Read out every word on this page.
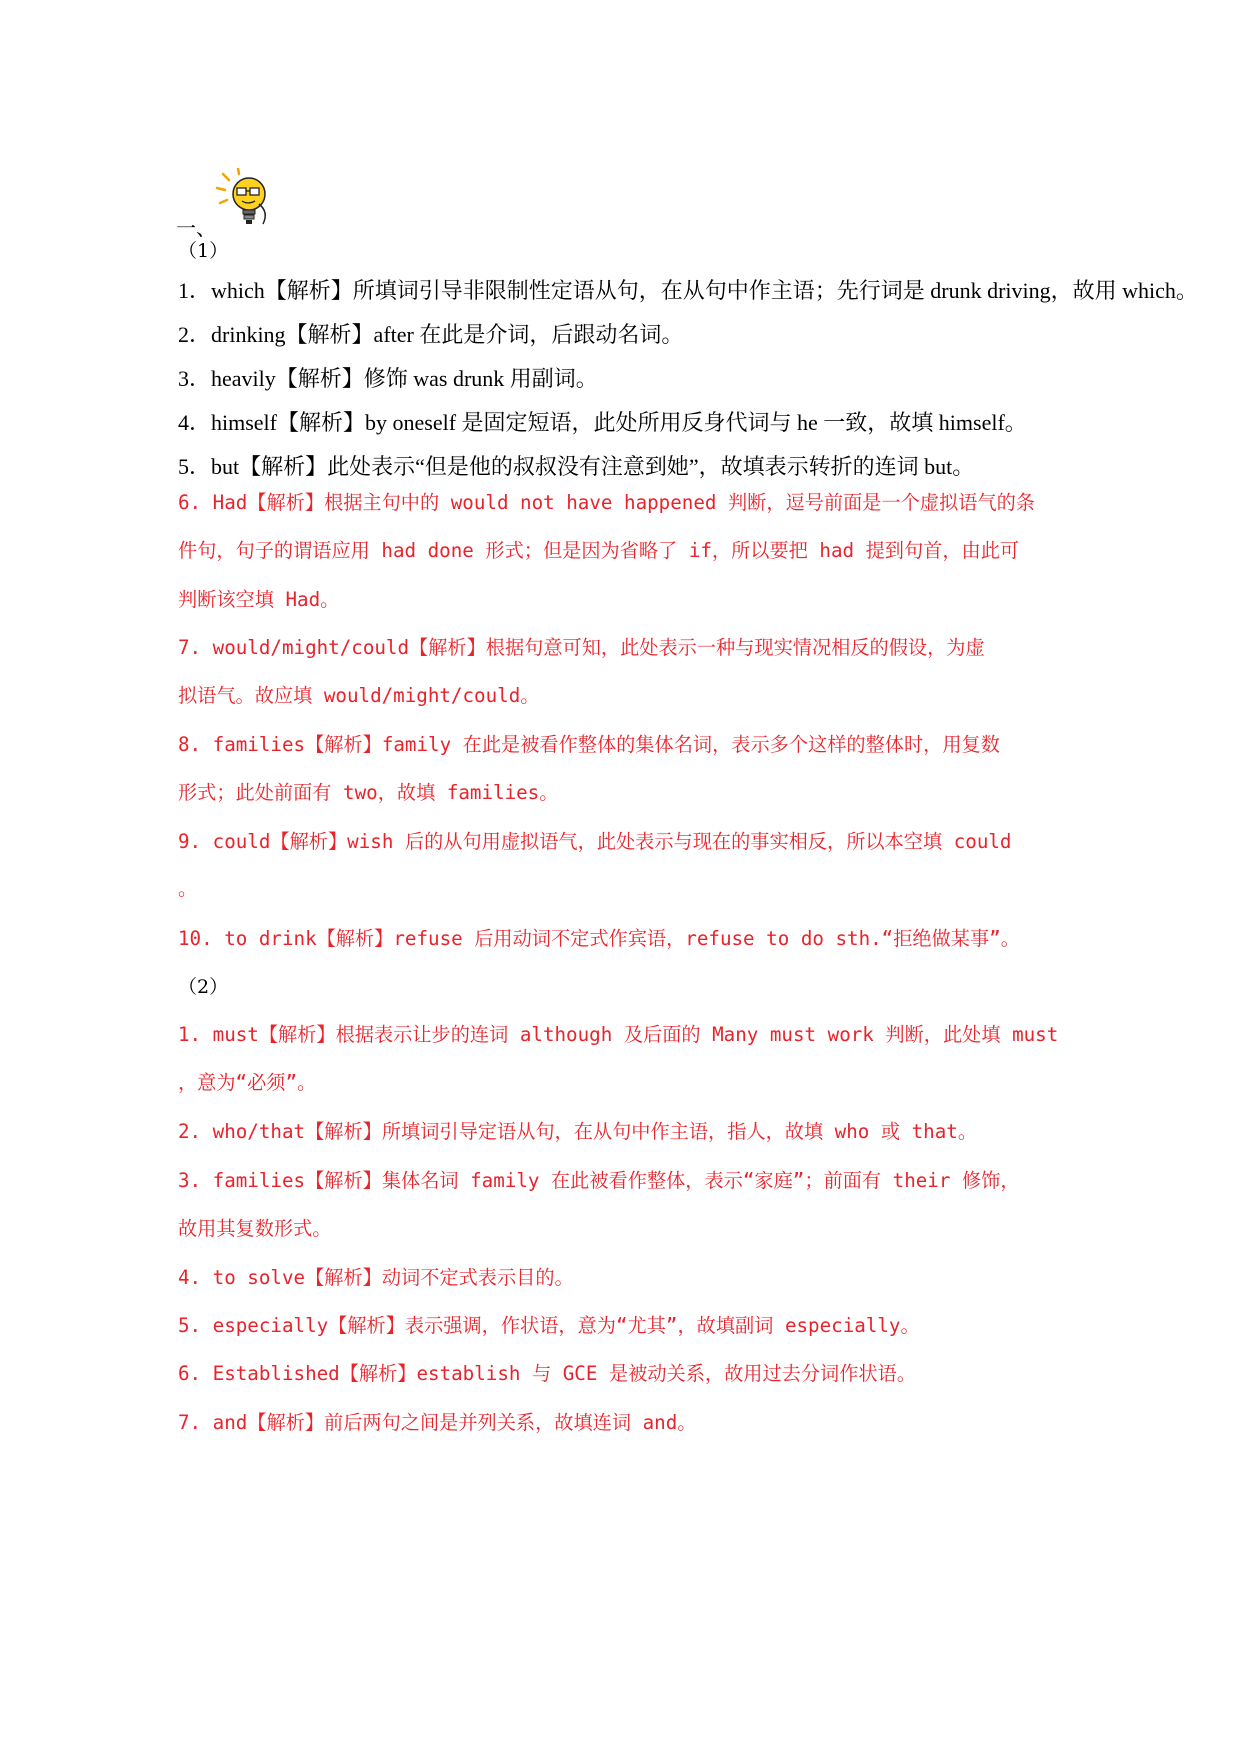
一、
（1）
1．which【解析】所填词引导非限制性定语从句，在从句中作主语；先行词是 drunk driving，故用 which。
2．drinking【解析】after 在此是介词，后跟动名词。
3．heavily【解析】修饰 was drunk 用副词。
4．himself【解析】by oneself 是固定短语，此处所用反身代词与 he 一致，故填 himself。
5．but【解析】此处表示“但是他的叔叔没有注意到她”，故填表示转折的连词 but。
6. Had【解析】根据主句中的 would not have happened 判断，逗号前面是一个虚拟语气的条
件句，句子的谓语应用 had done 形式；但是因为省略了 if，所以要把 had 提到句首，由此可
判断该空填 Had。
7. would/might/could【解析】根据句意可知，此处表示一种与现实情况相反的假设，为虚
拟语气。故应填 would/might/could。
8. families【解析】family 在此是被看作整体的集体名词，表示多个这样的整体时，用复数
形式；此处前面有 two，故填 families。
9. could【解析】wish 后的从句用虚拟语气，此处表示与现在的事实相反，所以本空填 could
。
10. to drink【解析】refuse 后用动词不定式作宾语，refuse to do sth.“拒绝做某事”。
（2）
1. must【解析】根据表示让步的连词 although 及后面的 Many must work 判断，此处填 must
，意为“必须”。
2. who/that【解析】所填词引导定语从句，在从句中作主语，指人，故填 who 或 that。
3. families【解析】集体名词 family 在此被看作整体，表示“家庭”；前面有 their 修饰，
故用其复数形式。
4. to solve【解析】动词不定式表示目的。
5. especially【解析】表示强调，作状语，意为“尤其”，故填副词 especially。
6. Established【解析】establish 与 GCE 是被动关系，故用过去分词作状语。
7. and【解析】前后两句之间是并列关系，故填连词 and。
